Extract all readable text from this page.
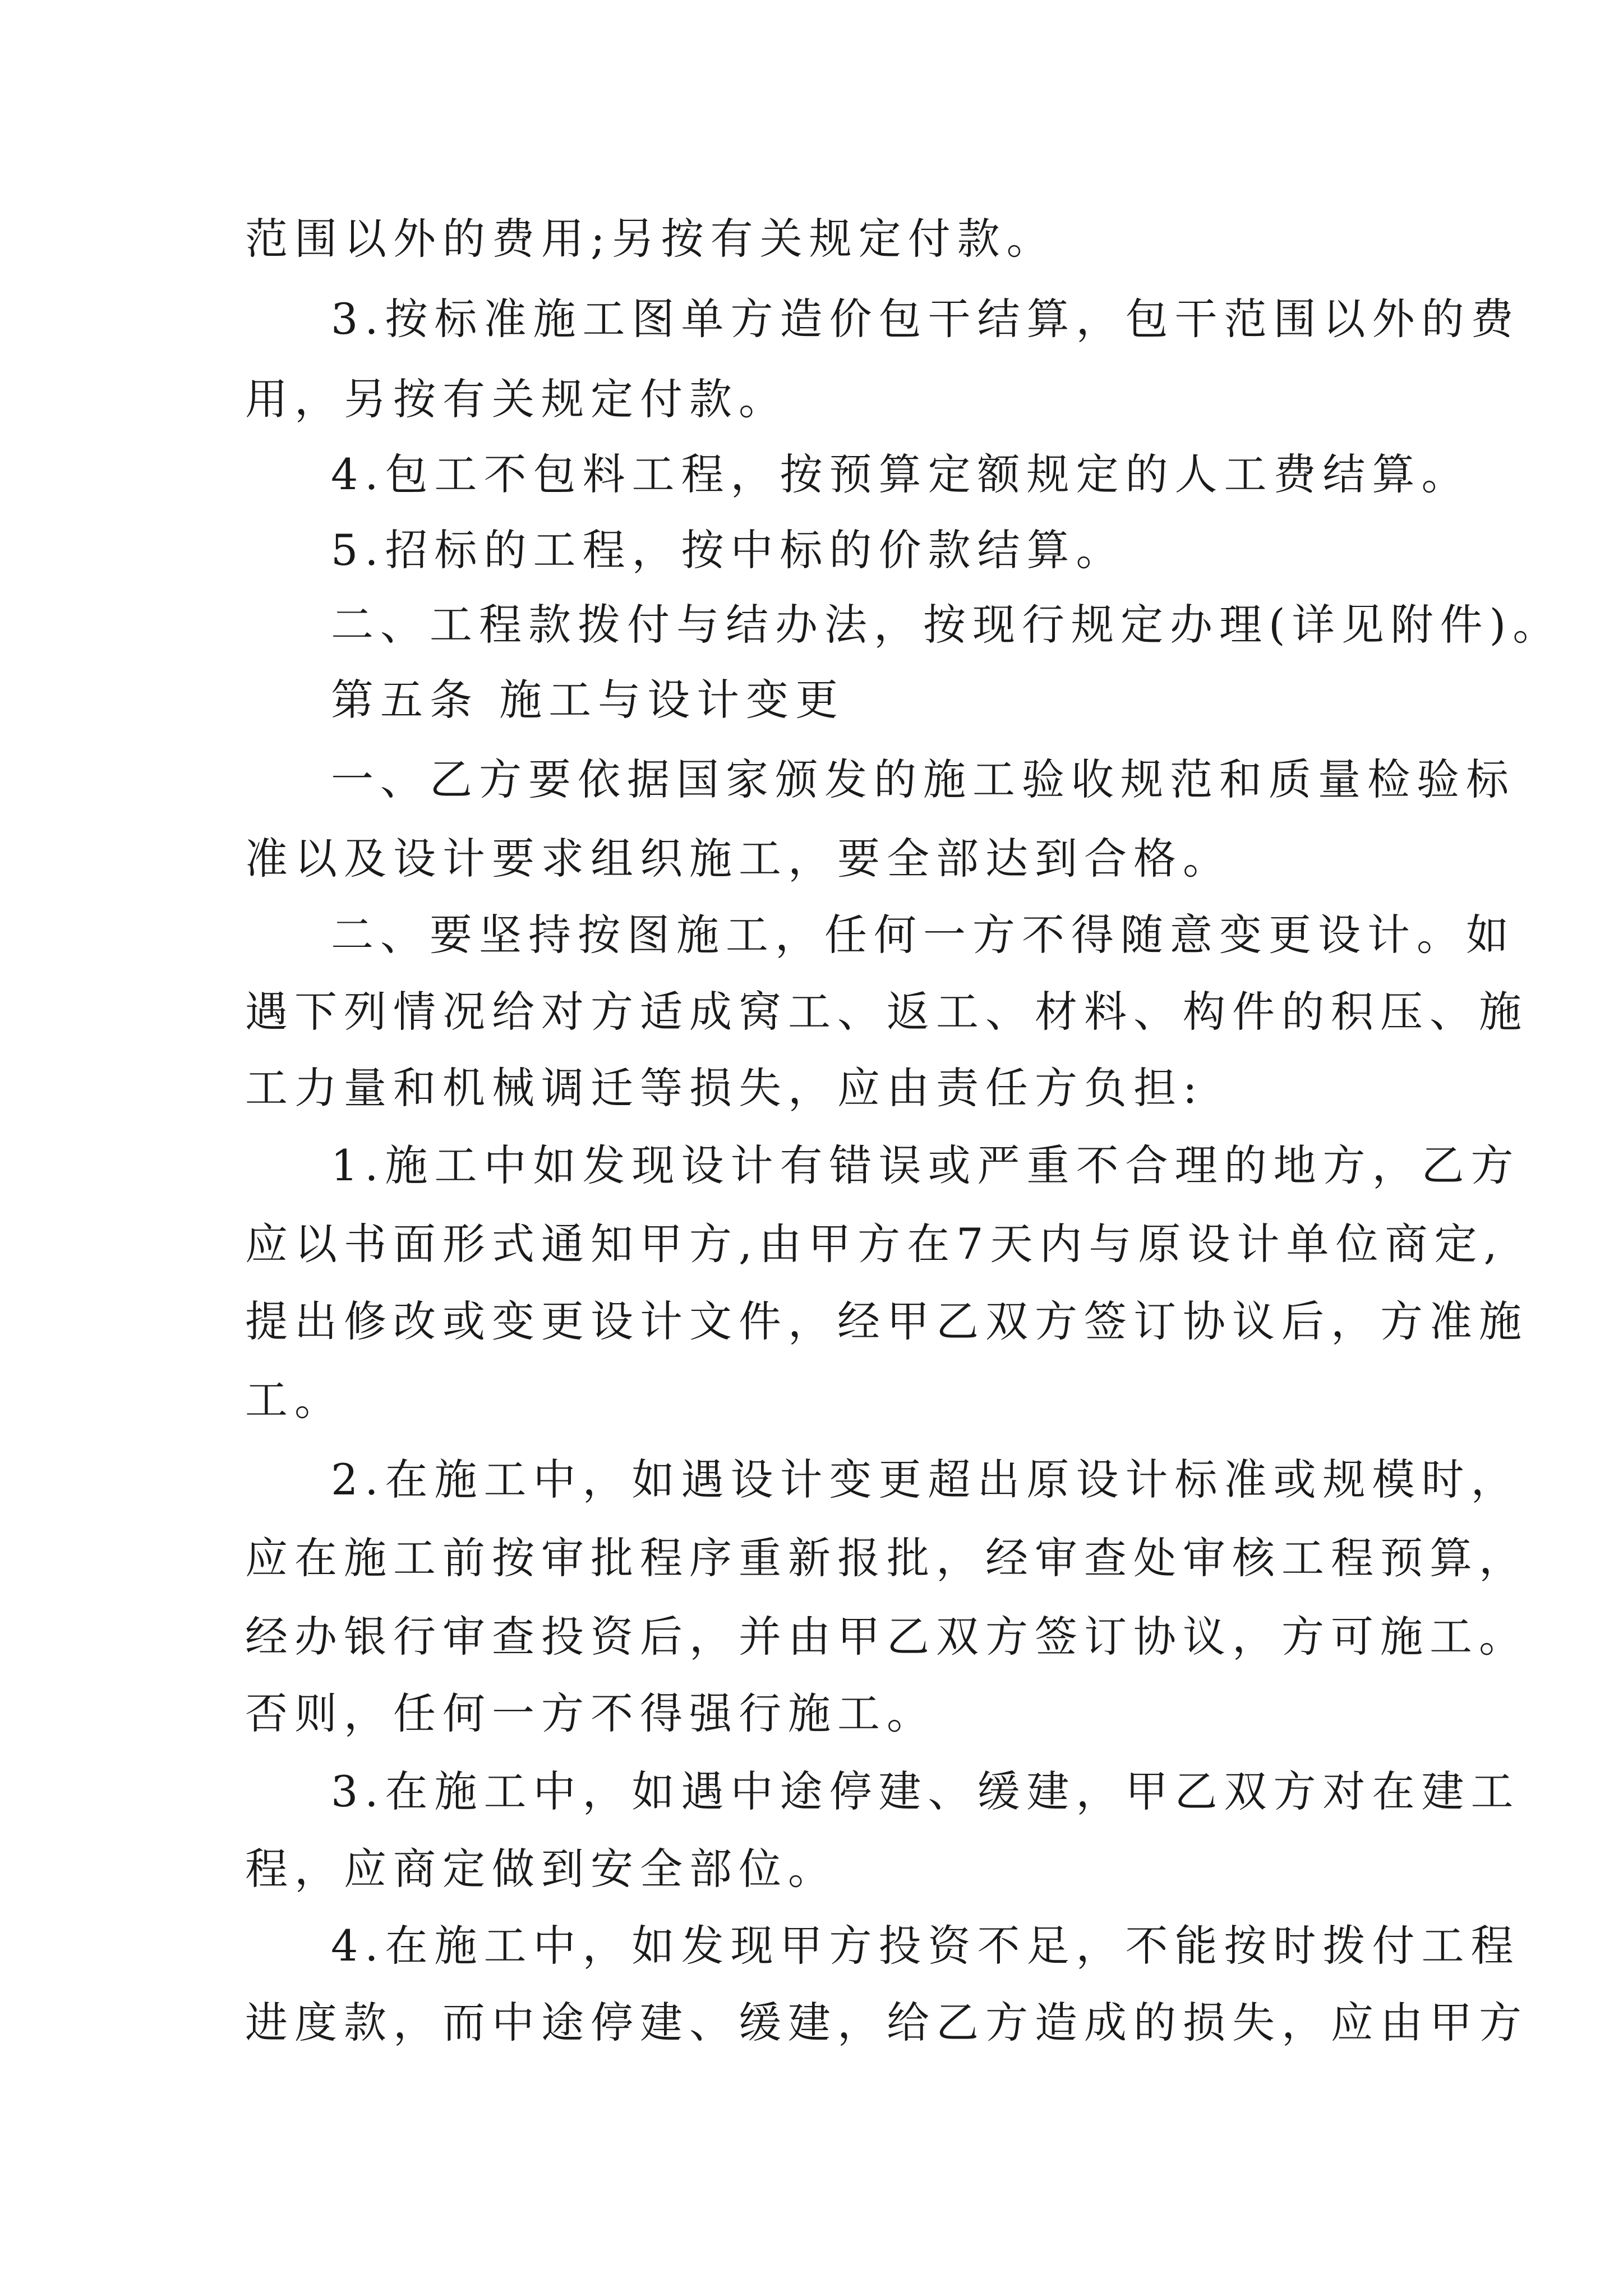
范围以外的费用;另按有关规定付款。
3.按标准施工图单方造价包干结算，包干范围以外的费
用，另按有关规定付款。
4.包工不包料工程，按预算定额规定的人工费结算。
5.招标的工程，按中标的价款结算。
二、工程款拨付与结办法，按现行规定办理(详见附件)。
第五条 施工与设计变更
一、乙方要依据国家颁发的施工验收规范和质量检验标
准以及设计要求组织施工，要全部达到合格。
二、要坚持按图施工，任何一方不得随意变更设计。如
遇下列情况给对方适成窝工、返工、材料、构件的积压、施
工力量和机械调迁等损失，应由责任方负担:
1.施工中如发现设计有错误或严重不合理的地方，乙方
应以书面形式通知甲方,由甲方在7天内与原设计单位商定,
提出修改或变更设计文件，经甲乙双方签订协议后，方准施
工。
2.在施工中，如遇设计变更超出原设计标准或规模时，
应在施工前按审批程序重新报批，经审查处审核工程预算，
经办银行审查投资后，并由甲乙双方签订协议，方可施工。
否则，任何一方不得强行施工。
3.在施工中，如遇中途停建、缓建，甲乙双方对在建工
程，应商定做到安全部位。
4.在施工中，如发现甲方投资不足，不能按时拨付工程
进度款，而中途停建、缓建，给乙方造成的损失，应由甲方
